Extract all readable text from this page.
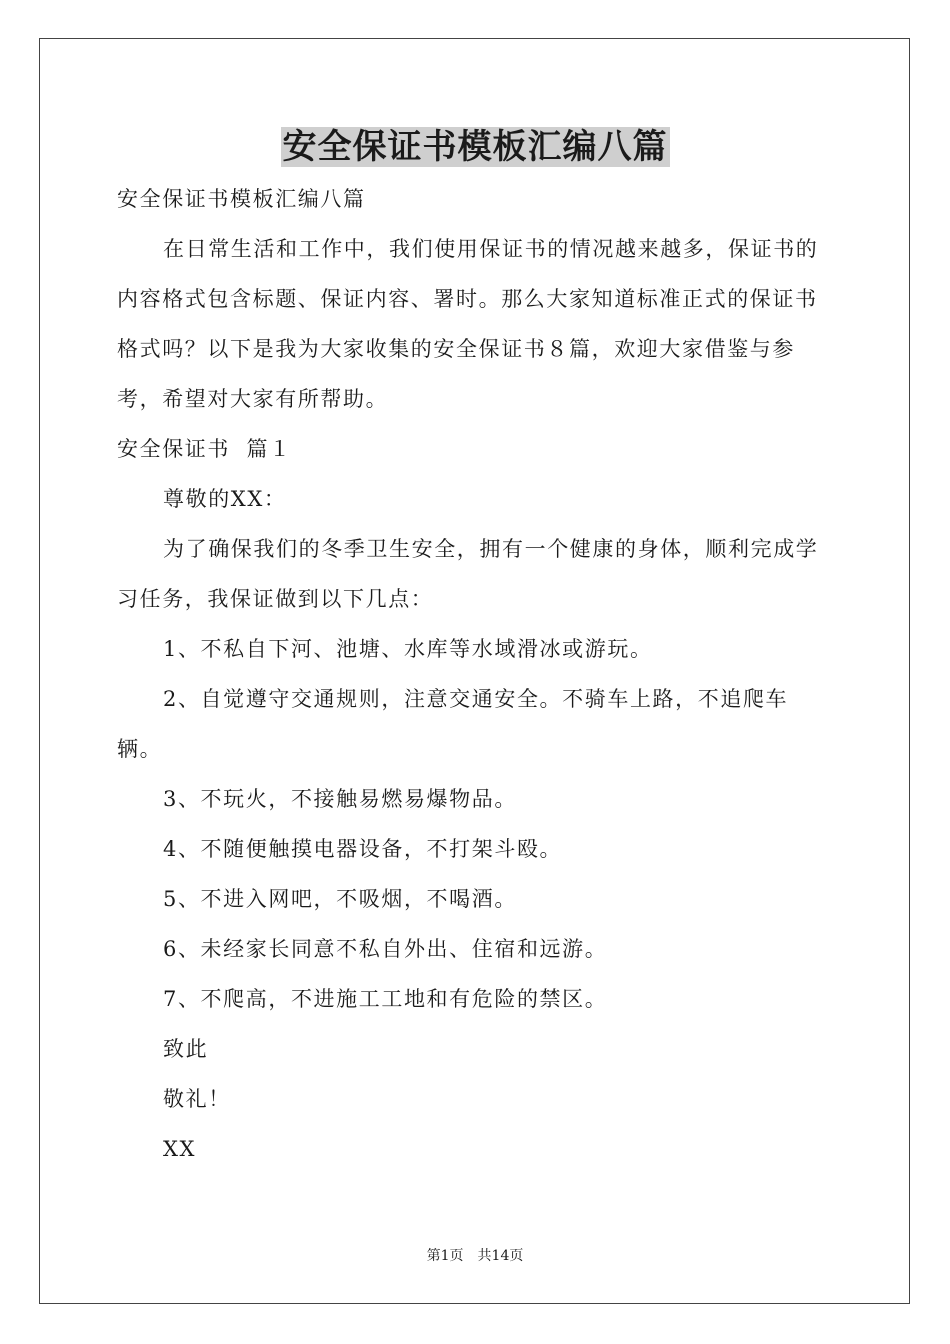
安全保证书模板汇编八篇

安全保证书模板汇编八篇

在日常生活和工作中，我们使用保证书的情况越来越多，保证书的内容格式包含标题、保证内容、署时。那么大家知道标准正式的保证书格式吗？以下是我为大家收集的安全保证书８篇，欢迎大家借鉴与参考，希望对大家有所帮助。

安全保证书  篇１

尊敬的XX：

为了确保我们的冬季卫生安全，拥有一个健康的身体，顺利完成学习任务，我保证做到以下几点：

1、不私自下河、池塘、水库等水域滑冰或游玩。

2、自觉遵守交通规则，注意交通安全。不骑车上路，不追爬车辆。

3、不玩火，不接触易燃易爆物品。

4、不随便触摸电器设备，不打架斗殴。

5、不进入网吧，不吸烟，不喝酒。

6、未经家长同意不私自外出、住宿和远游。

7、不爬高，不进施工工地和有危险的禁区。

致此

敬礼！

XX

第1页 共14页
